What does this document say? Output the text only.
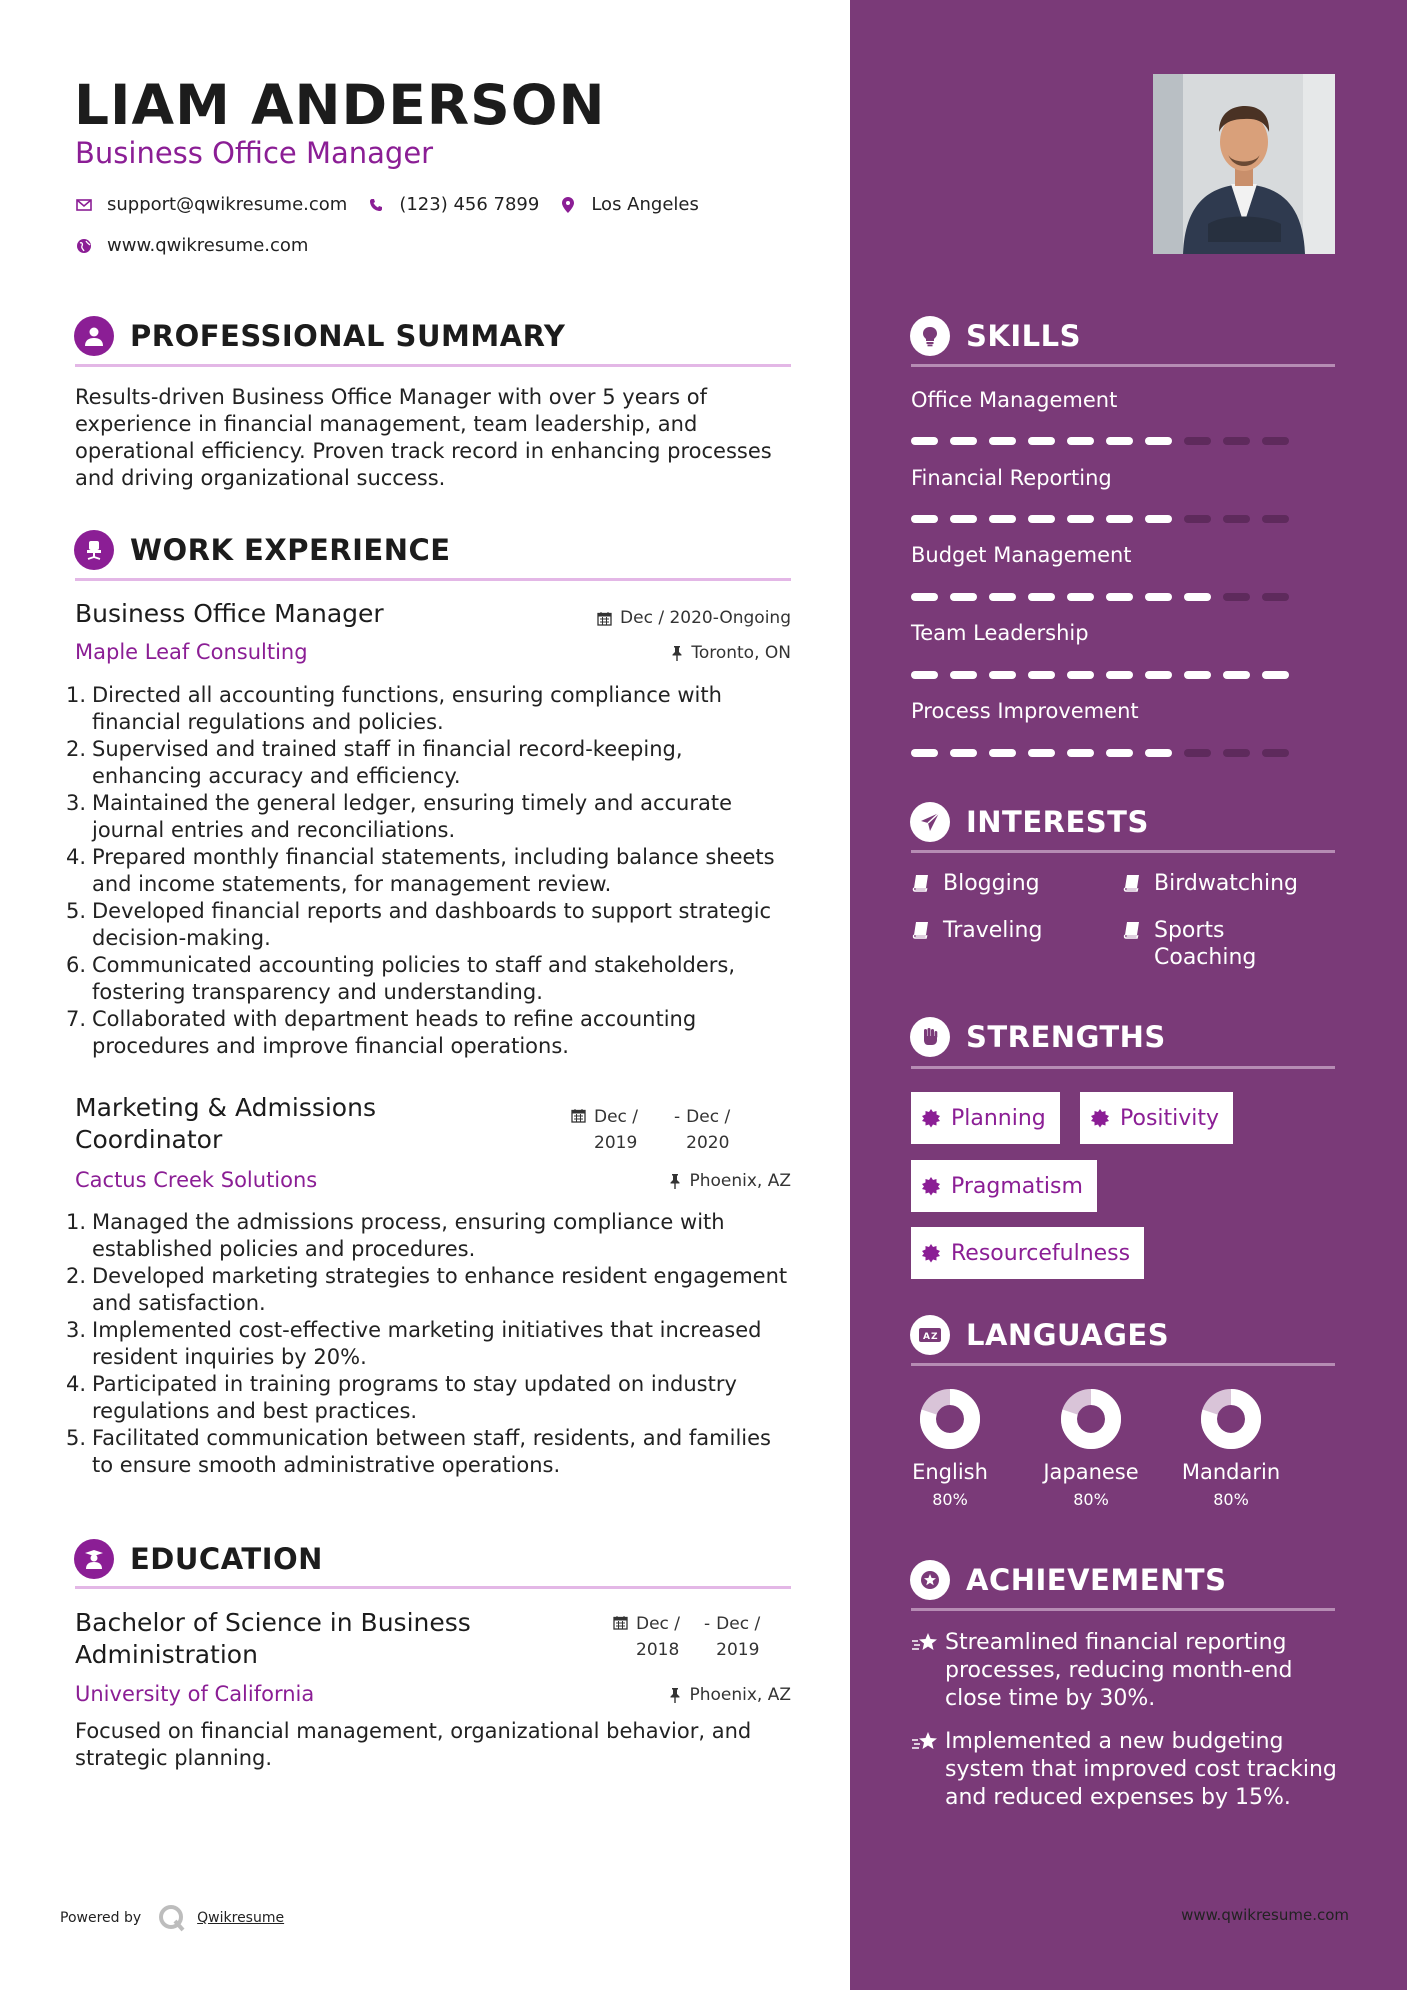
LIAM ANDERSON
Business Office Manager
support@qwikresume.com	(123) 456 7899	Los Angeles
www.qwikresume.com
PROFESSIONAL SUMMARY
Results-driven Business Office Manager with over 5 years of experience in financial management, team leadership, and operational efficiency. Proven track record in enhancing processes and driving organizational success.
WORK EXPERIENCE
Business Office Manager	Dec / 2020-Ongoing
Maple Leaf Consulting	Toronto, ON
1. Directed all accounting functions, ensuring compliance with financial regulations and policies.
2. Supervised and trained staff in financial record-keeping, enhancing accuracy and efficiency.
3. Maintained the general ledger, ensuring timely and accurate journal entries and reconciliations.
4. Prepared monthly financial statements, including balance sheets and income statements, for management review.
5. Developed financial reports and dashboards to support strategic decision-making.
6. Communicated accounting policies to staff and stakeholders, fostering transparency and understanding.
7. Collaborated with department heads to refine accounting procedures and improve financial operations.
Marketing & Admissions Coordinator
Dec / 2019
- Dec / 2020
Cactus Creek Solutions	Phoenix, AZ
1. Managed the admissions process, ensuring compliance with established policies and procedures.
2. Developed marketing strategies to enhance resident engagement and satisfaction.
3. Implemented cost-effective marketing initiatives that increased resident inquiries by 20%.
4. Participated in training programs to stay updated on industry regulations and best practices.
5. Facilitated communication between staff, residents, and families to ensure smooth administrative operations.
EDUCATION
Bachelor of Science in Business Administration
Dec / 2018
- Dec / 2019
University of California	Phoenix, AZ
Focused on financial management, organizational behavior, and strategic planning.
Powered by	Qwikresume
SKILLS
Office Management
Financial Reporting
Budget Management
Team Leadership
Process Improvement
INTERESTS
Blogging	Birdwatching
Traveling	Sports Coaching
STRENGTHS
Planning	Positivity
Pragmatism
Resourcefulness
A Z LANGUAGES
English
80%
Japanese
80%
Mandarin
80%
ACHIEVEMENTS
Streamlined financial reporting processes, reducing month-end close time by 30%.
Implemented a new budgeting system that improved cost tracking and reduced expenses by 15%.
www.qwikresume.com
